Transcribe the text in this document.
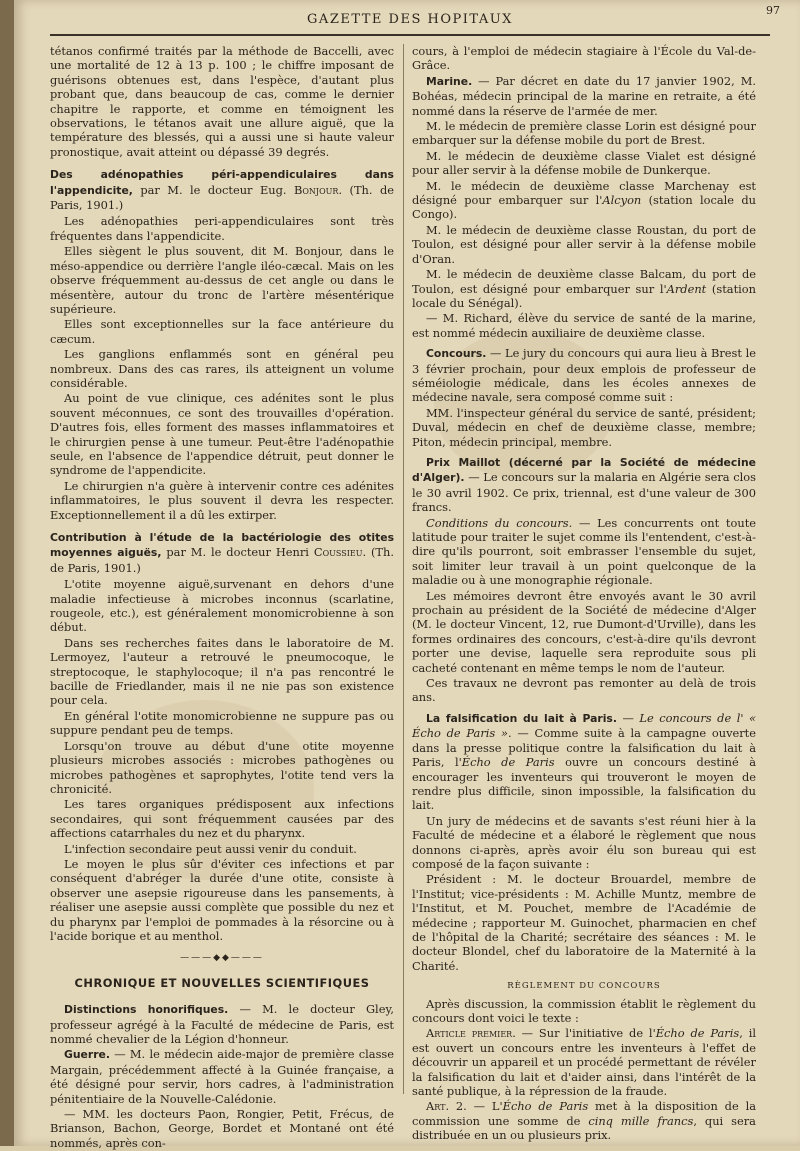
GAZETTE DES HOPITAUX
97

tétanos confirmé traités par la méthode de Baccelli, avec une mortalité de 12 à 13 p. 100 ; le chiffre imposant de guérisons obtenues est, dans l'espèce, d'autant plus probant que, dans beaucoup de cas, comme le dernier chapitre le rapporte, et comme en témoignent les observations, le tétanos avait une allure aiguë, que la température des blessés, qui a aussi une si haute valeur pronostique, avait atteint ou dépassé 39 degrés.

Des adénopathies péri-appendiculaires dans l'appendicite, par M. le docteur Eug. Bonjour. (Th. de Paris, 1901.)

Les adénopathies peri-appendiculaires sont très fréquentes dans l'appendicite.

Elles siègent le plus souvent, dit M. Bonjour, dans le méso-appendice ou derrière l'angle iléo-cæcal. Mais on les observe fréquemment au-dessus de cet angle ou dans le mésentère, autour du tronc de l'artère mésentérique supérieure.

Elles sont exceptionnelles sur la face antérieure du cæcum.

Les ganglions enflammés sont en général peu nombreux. Dans des cas rares, ils atteignent un volume considérable.

Au point de vue clinique, ces adénites sont le plus souvent méconnues, ce sont des trouvailles d'opération. D'autres fois, elles forment des masses inflammatoires et le chirurgien pense à une tumeur. Peut-être l'adénopathie seule, en l'absence de l'appendice détruit, peut donner le syndrome de l'appendicite.

Le chirurgien n'a guère à intervenir contre ces adénites inflammatoires, le plus souvent il devra les respecter. Exceptionnellement il a dû les extirper.

Contribution à l'étude de la bactériologie des otites moyennes aiguës, par M. le docteur Henri Coussieu. (Th. de Paris, 1901.)

L'otite moyenne aiguë,survenant en dehors d'une maladie infectieuse à microbes inconnus (scarlatine, rougeole, etc.), est généralement monomicrobienne à son début.

Dans ses recherches faites dans le laboratoire de M. Lermoyez, l'auteur a retrouvé le pneumocoque, le streptocoque, le staphylocoque; il n'a pas rencontré le bacille de Friedlander, mais il ne nie pas son existence pour cela.

En général l'otite monomicrobienne ne suppure pas ou suppure pendant peu de temps.

Lorsqu'on trouve au début d'une otite moyenne plusieurs microbes associés : microbes pathogènes ou microbes pathogènes et saprophytes, l'otite tend vers la chronicité.

Les tares organiques prédisposent aux infections secondaires, qui sont fréquemment causées par des affections catarrhales du nez et du pharynx.

L'infection secondaire peut aussi venir du conduit.

Le moyen le plus sûr d'éviter ces infections et par conséquent d'abréger la durée d'une otite, consiste à observer une asepsie rigoureuse dans les pansements, à réaliser une asepsie aussi complète que possible du nez et du pharynx par l'emploi de pommades à la résorcine ou à l'acide borique et au menthol.

———◆◆———
CHRONIQUE ET NOUVELLES SCIENTIFIQUES

Distinctions honorifiques. — M. le docteur Gley, professeur agrégé à la Faculté de médecine de Paris, est nommé chevalier de la Légion d'honneur.

Guerre. — M. le médecin aide-major de première classe Margain, précédemment affecté à la Guinée française, a été désigné pour servir, hors cadres, à l'administration pénitentiaire de la Nouvelle-Calédonie.

— MM. les docteurs Paon, Rongier, Petit, Frécus, de Brianson, Bachon, George, Bordet et Montané ont été nommés, après con-

cours, à l'emploi de médecin stagiaire à l'École du Val-de-Grâce.

Marine. — Par décret en date du 17 janvier 1902, M. Bohéas, médecin principal de la marine en retraite, a été nommé dans la réserve de l'armée de mer.

M. le médecin de première classe Lorin est désigné pour embarquer sur la défense mobile du port de Brest.

M. le médecin de deuxième classe Vialet est désigné pour aller servir à la défense mobile de Dunkerque.

M. le médecin de deuxième classe Marchenay est désigné pour embarquer sur l'Alcyon (station locale du Congo).

M. le médecin de deuxième classe Roustan, du port de Toulon, est désigné pour aller servir à la défense mobile d'Oran.

M. le médecin de deuxième classe Balcam, du port de Toulon, est désigné pour embarquer sur l'Ardent (station locale du Sénégal).

— M. Richard, élève du service de santé de la marine, est nommé médecin auxiliaire de deuxième classe.

Concours. — Le jury du concours qui aura lieu à Brest le 3 février prochain, pour deux emplois de professeur de séméiologie médicale, dans les écoles annexes de médecine navale, sera composé comme suit :

MM. l'inspecteur général du service de santé, président; Duval, médecin en chef de deuxième classe, membre; Piton, médecin principal, membre.

Prix Maillot (décerné par la Société de médecine d'Alger). — Le concours sur la malaria en Algérie sera clos le 30 avril 1902. Ce prix, triennal, est d'une valeur de 300 francs.

Conditions du concours. — Les concurrents ont toute latitude pour traiter le sujet comme ils l'entendent, c'est-à-dire qu'ils pourront, soit embrasser l'ensemble du sujet, soit limiter leur travail à un point quelconque de la maladie ou à une monographie régionale.

Les mémoires devront être envoyés avant le 30 avril prochain au président de la Société de médecine d'Alger (M. le docteur Vincent, 12, rue Dumont-d'Urville), dans les formes ordinaires des concours, c'est-à-dire qu'ils devront porter une devise, laquelle sera reproduite sous pli cacheté contenant en même temps le nom de l'auteur.

Ces travaux ne devront pas remonter au delà de trois ans.

La falsification du lait à Paris. — Le concours de l' « Écho de Paris ». — Comme suite à la campagne ouverte dans la presse politique contre la falsification du lait à Paris, l'Écho de Paris ouvre un concours destiné à encourager les inventeurs qui trouveront le moyen de rendre plus difficile, sinon impossible, la falsification du lait.

Un jury de médecins et de savants s'est réuni hier à la Faculté de médecine et a élaboré le règlement que nous donnons ci-après, après avoir élu son bureau qui est composé de la façon suivante :

Président : M. le docteur Brouardel, membre de l'Institut; vice-présidents : M. Achille Muntz, membre de l'Institut, et M. Pouchet, membre de l'Académie de médecine ; rapporteur M. Guinochet, pharmacien en chef de l'hôpital de la Charité; secrétaire des séances : M. le docteur Blondel, chef du laboratoire de la Maternité à la Charité.

RÈGLEMENT DU CONCOURS

Après discussion, la commission établit le règlement du concours dont voici le texte :

Article premier. — Sur l'initiative de l'Écho de Paris, il est ouvert un concours entre les inventeurs à l'effet de découvrir un appareil et un procédé permettant de révéler la falsification du lait et d'aider ainsi, dans l'intérêt de la santé publique, à la répression de la fraude.

Art. 2. — L'Écho de Paris met à la disposition de la commission une somme de cinq mille francs, qui sera distribuée en un ou plusieurs prix.
